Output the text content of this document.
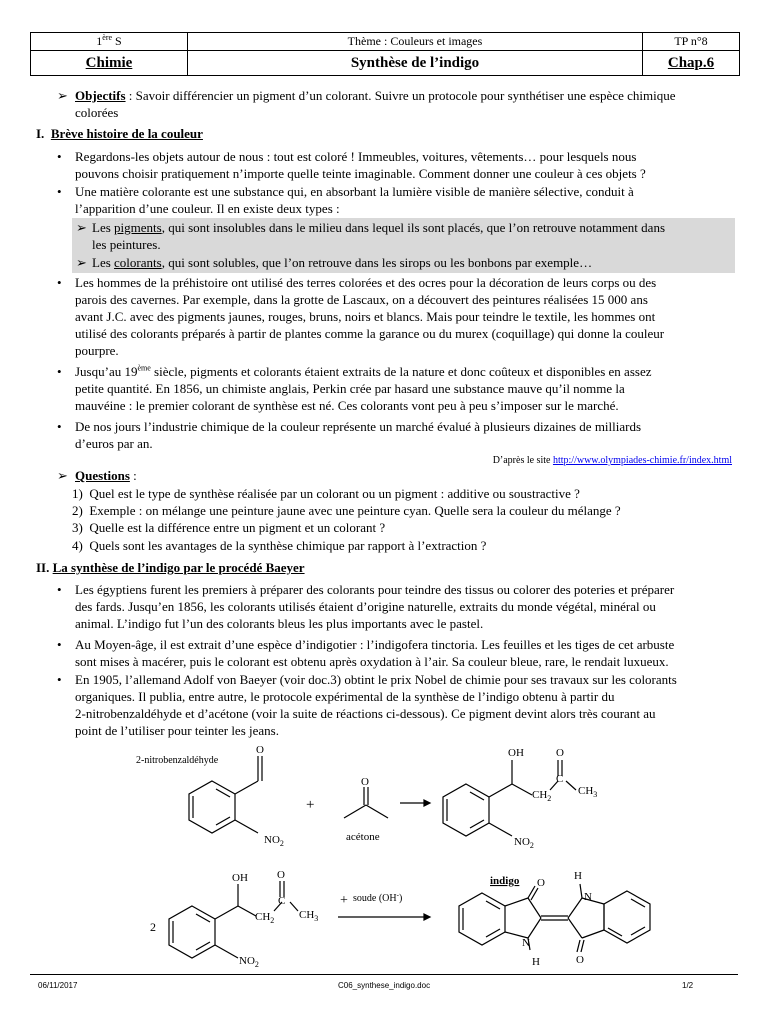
1ère S	Thème : Couleurs et images	TP n°8
Chimie	Synthèse de l’indigo	Chap.6
➢ Objectifs : Savoir différencier un pigment d’un colorant. Suivre un protocole pour synthétiser une espèce chimique
colorées
I. Brève histoire de la couleur
• Regardons-les objets autour de nous : tout est coloré ! Immeubles, voitures, vêtements… pour lesquels nous
pouvons choisir pratiquement n’importe quelle teinte imaginable. Comment donner une couleur à ces objets ?
• Une matière colorante est une substance qui, en absorbant la lumière visible de manière sélective, conduit à
l’apparition d’une couleur. Il en existe deux types :
➢ Les pigments, qui sont insolubles dans le milieu dans lequel ils sont placés, que l’on retrouve notamment dans
les peintures.
➢ Les colorants, qui sont solubles, que l’on retrouve dans les sirops ou les bonbons par exemple…
• Les hommes de la préhistoire ont utilisé des terres colorées et des ocres pour la décoration de leurs corps ou des
parois des cavernes. Par exemple, dans la grotte de Lascaux, on a découvert des peintures réalisées 15 000 ans
avant J.C. avec des pigments jaunes, rouges, bruns, noirs et blancs. Mais pour teindre le textile, les hommes ont
utilisé des colorants préparés à partir de plantes comme la garance ou du murex (coquillage) qui donne la couleur
pourpre.
• Jusqu’au 19ème siècle, pigments et colorants étaient extraits de la nature et donc coûteux et disponibles en assez
petite quantité. En 1856, un chimiste anglais, Perkin crée par hasard une substance mauve qu’il nomme la
mauvéine : le premier colorant de synthèse est né. Ces colorants vont peu à peu s’imposer sur le marché.
• De nos jours l’industrie chimique de la couleur représente un marché évalué à plusieurs dizaines de milliards
d’euros par an.
D’après le site http://www.olympiades-chimie.fr/index.html
➢ Questions :
1) Quel est le type de synthèse réalisée par un colorant ou un pigment : additive ou soustractive ?
2) Exemple : on mélange une peinture jaune avec une peinture cyan. Quelle sera la couleur du mélange ?
3) Quelle est la différence entre un pigment et un colorant ?
4) Quels sont les avantages de la synthèse chimique par rapport à l’extraction ?
II. La synthèse de l’indigo par le procédé Baeyer
• Les égyptiens furent les premiers à préparer des colorants pour teindre des tissus ou colorer des poteries et préparer
des fards. Jusqu’en 1856, les colorants utilisés étaient d’origine naturelle, extraits du monde végétal, minéral ou
animal. L’indigo fut l’un des colorants bleus les plus importants avec le pastel.
• Au Moyen-âge, il est extrait d’une espèce d’indigotier : l’indigofera tinctoria. Les feuilles et les tiges de cet arbuste
sont mises à macérer, puis le colorant est obtenu après oxydation à l’air. Sa couleur bleue, rare, le rendait luxueux.
• En 1905, l’allemand Adolf von Baeyer (voir doc.3) obtint le prix Nobel de chimie pour ses travaux sur les colorants
organiques. Il publia, entre autre, le protocole expérimental de la synthèse de l’indigo obtenu à partir du
2-nitrobenzaldéhyde et d’acétone (voir la suite de réactions ci-dessous). Ce pigment devint alors très courant au
point de l’utiliser pour teinter les jeans.
2-nitrobenzaldéhyde
O
$NO_2$
+
O
acétone
OH	O
$CH_2$
C
$CH_3$
$NO_2$
2
OH	O
$CH_2$
C
$CH_3$
$NO_2$
+ soude (OH-)
indigo O
O
N
H
N
H
06/11/2017	C06_synthese_indigo.doc	1/2
